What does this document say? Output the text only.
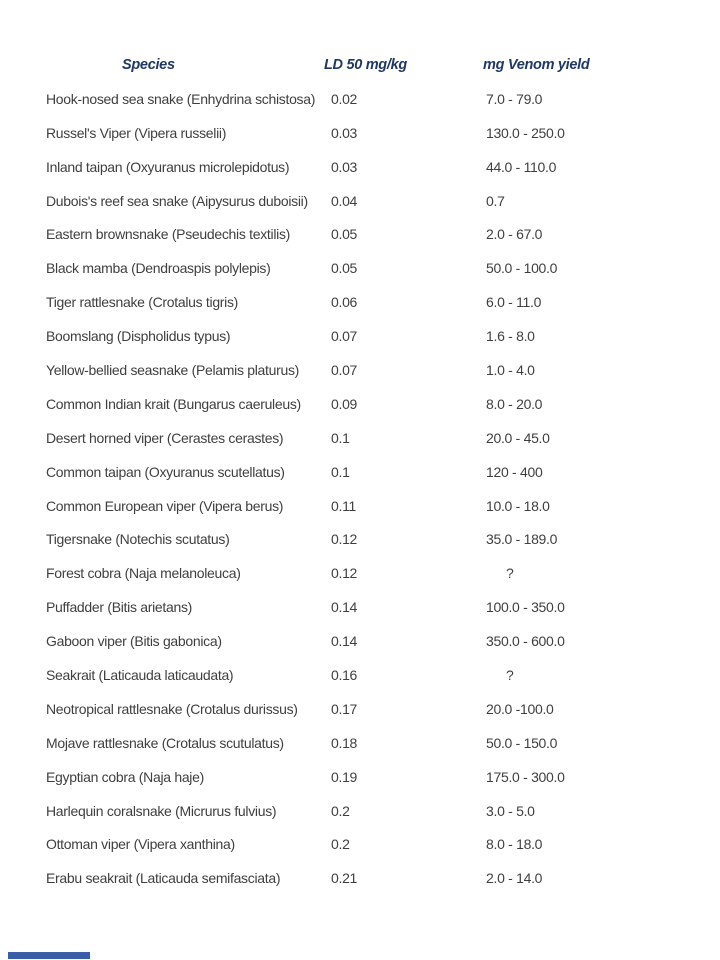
Species	LD 50 mg/kg	mg Venom yield
Hook-nosed sea snake (Enhydrina schistosa)	0.02	7.0 - 79.0
Russel's Viper (Vipera russelii)	0.03	130.0 - 250.0
Inland taipan (Oxyuranus microlepidotus)	0.03	44.0 - 110.0
Dubois's reef sea snake (Aipysurus duboisii)	0.04	0.7
Eastern brownsnake (Pseudechis textilis)	0.05	2.0 - 67.0
Black mamba (Dendroaspis polylepis)	0.05	50.0 - 100.0
Tiger rattlesnake (Crotalus tigris)	0.06	6.0 - 11.0
Boomslang (Dispholidus typus)	0.07	1.6 - 8.0
Yellow-bellied seasnake (Pelamis platurus)	0.07	1.0 - 4.0
Common Indian krait (Bungarus caeruleus)	0.09	8.0 - 20.0
Desert horned viper (Cerastes cerastes)	0.1	20.0 - 45.0
Common taipan (Oxyuranus scutellatus)	0.1	120 - 400
Common European viper (Vipera berus)	0.11	10.0 - 18.0
Tigersnake (Notechis scutatus)	0.12	35.0 - 189.0
Forest cobra (Naja melanoleuca)	0.12	?
Puffadder (Bitis arietans)	0.14	100.0 - 350.0
Gaboon viper (Bitis gabonica)	0.14	350.0 - 600.0
Seakrait (Laticauda laticaudata)	0.16	?
Neotropical rattlesnake (Crotalus durissus)	0.17	20.0 -100.0
Mojave rattlesnake (Crotalus scutulatus)	0.18	50.0 - 150.0
Egyptian cobra (Naja haje)	0.19	175.0 - 300.0
Harlequin coralsnake (Micrurus fulvius)	0.2	3.0 - 5.0
Ottoman viper (Vipera xanthina)	0.2	8.0 - 18.0
Erabu seakrait (Laticauda semifasciata)	0.21	2.0 - 14.0
